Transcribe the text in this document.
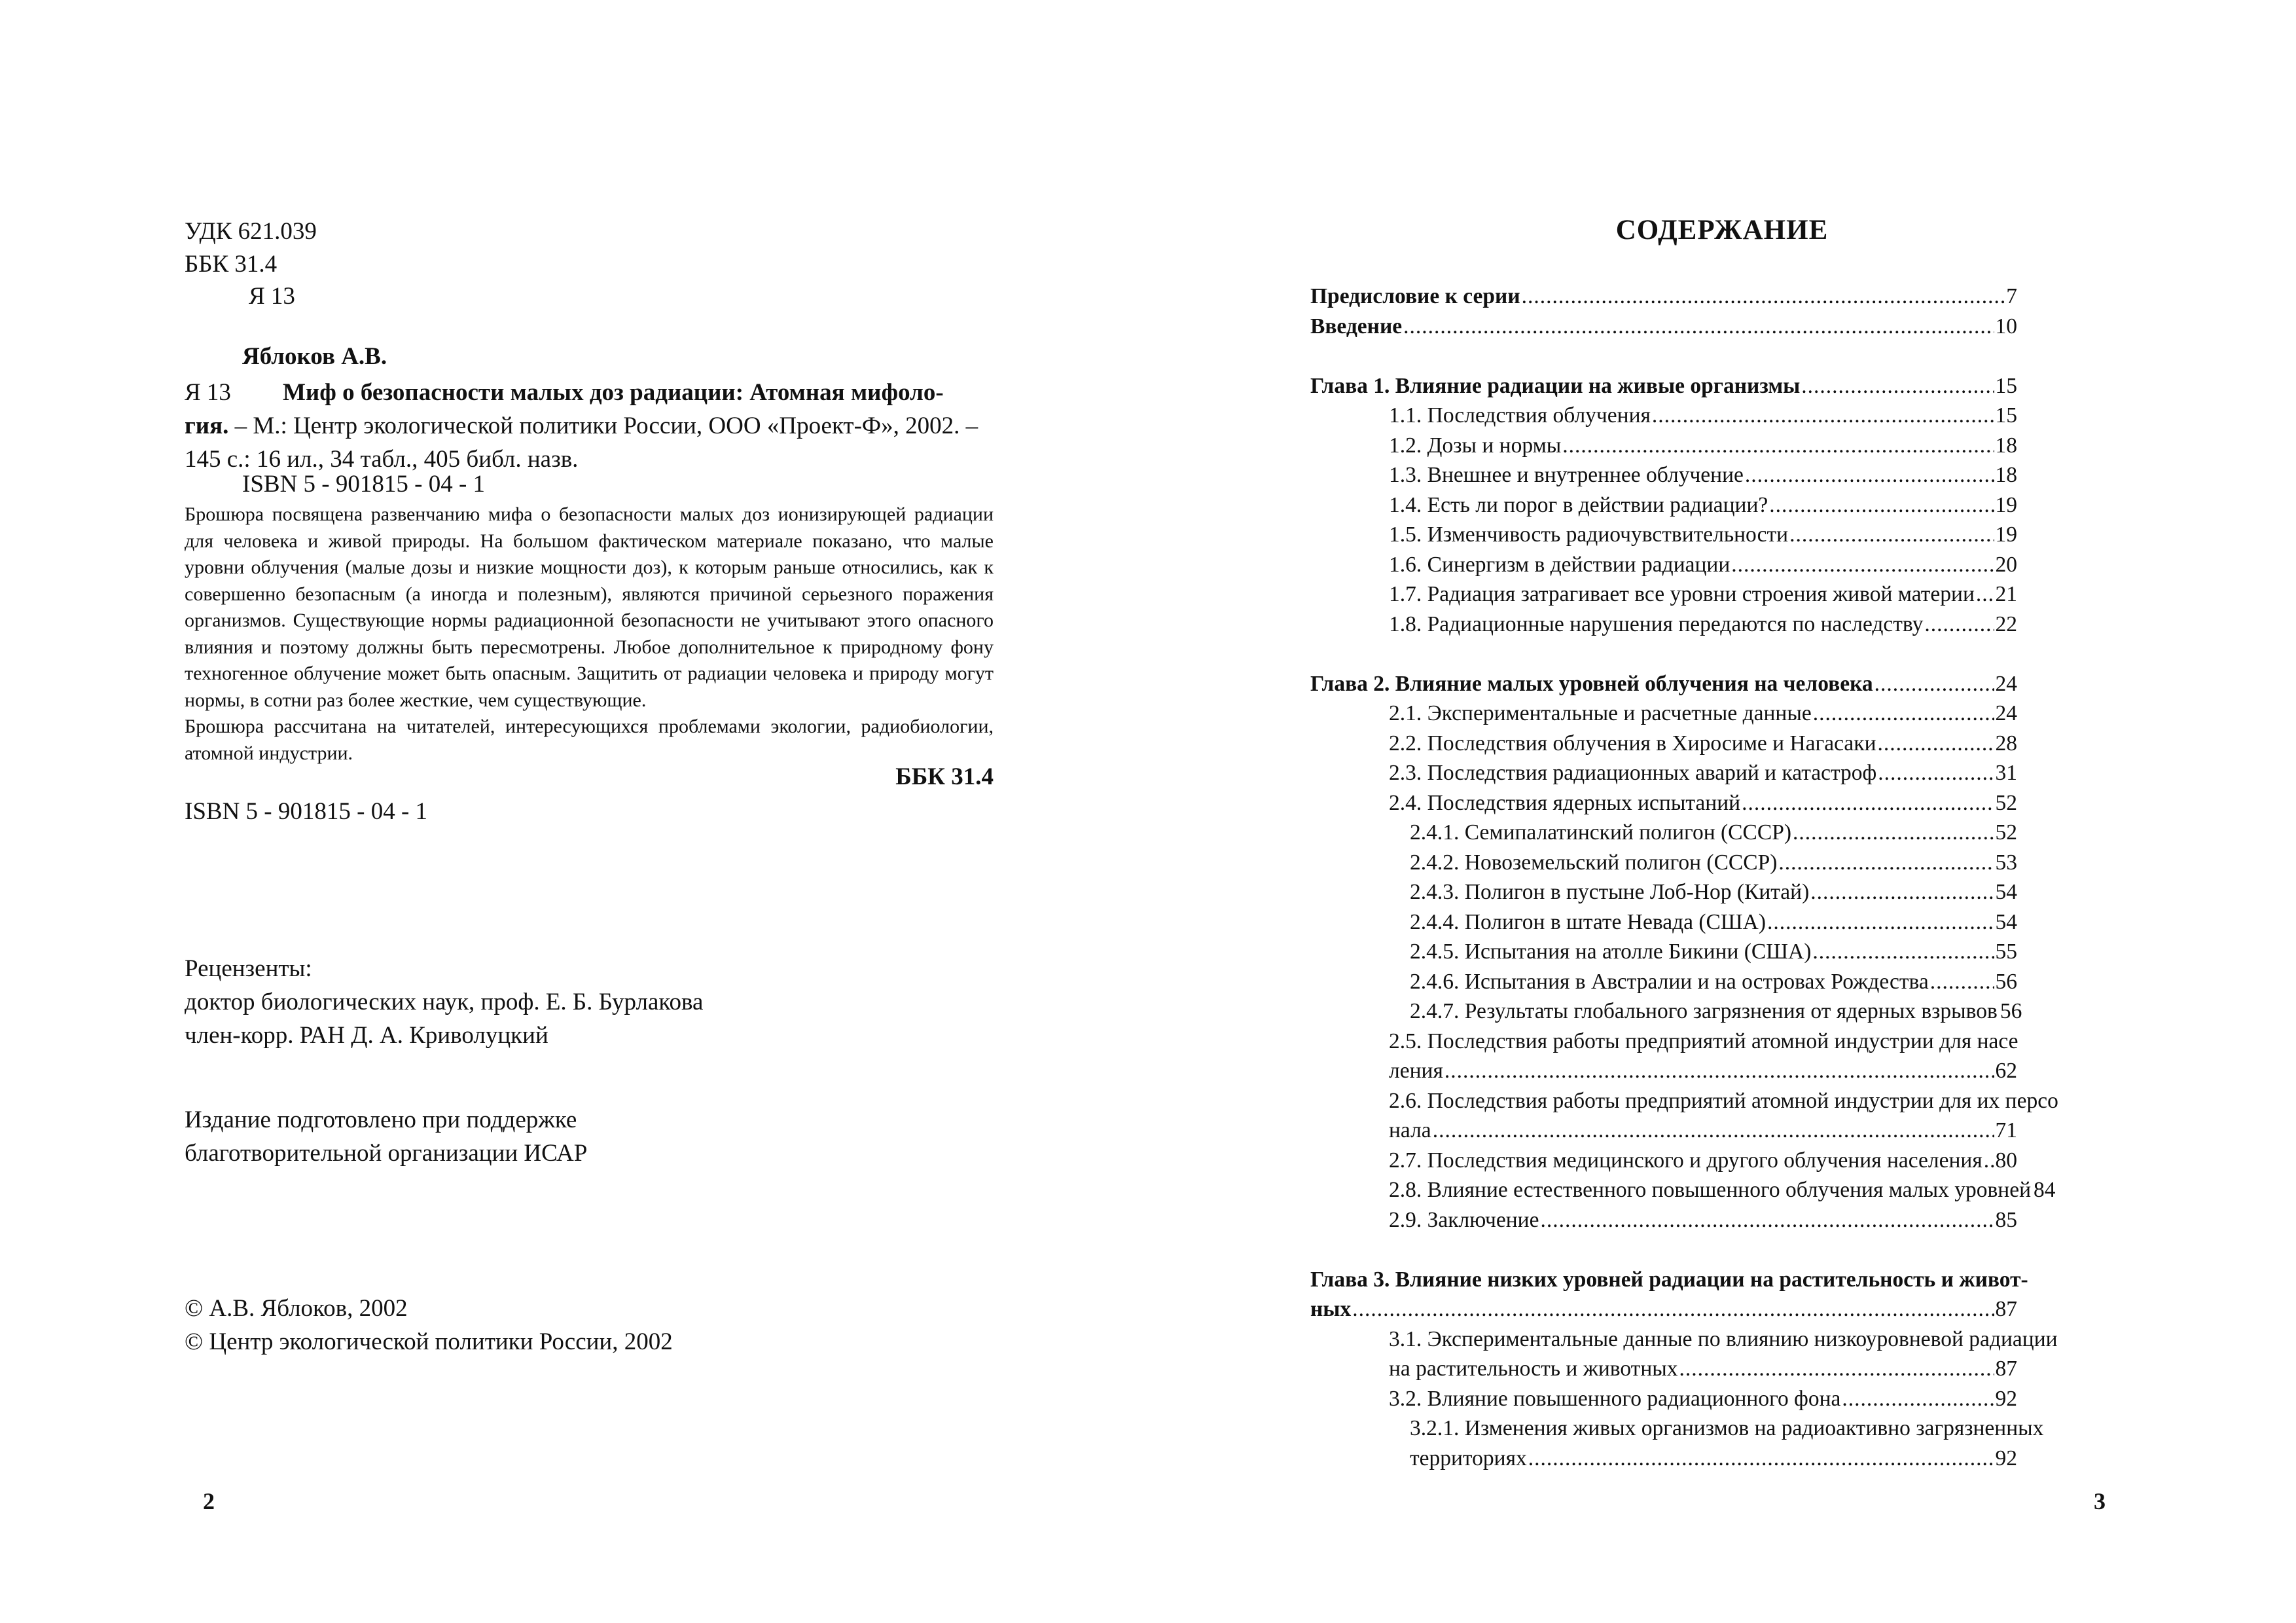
УДК 621.039
ББК 31.4
Я 13
Яблоков А.В.
Я 13 Миф о безопасности малых доз радиации: Атомная мифоло-
гия. – М.: Центр экологической политики России, ООО «Проект-Ф», 2002. –
145 с.: 16 ил., 34 табл., 405 библ. назв.
ISBN 5 - 901815 - 04 - 1

Брошюра посвящена развенчанию мифа о безопасности малых доз ионизирующей радиации для человека и живой природы. На большом фактическом материале показано, что малые уровни облучения (малые дозы и низкие мощности доз), к которым раньше относились, как к совершенно безопасным (а иногда и полезным), являются причиной серьезного поражения организмов. Существующие нормы радиационной безопасности не учитывают этого опасного влияния и поэтому должны быть пересмотрены. Любое дополнительное к природному фону техногенное облучение может быть опасным. Защитить от радиации человека и природу могут нормы, в сотни раз более жесткие, чем существующие.

Брошюра рассчитана на читателей, интересующихся проблемами экологии, радиобиологии, атомной индустрии.

ББК 31.4
ISBN 5 - 901815 - 04 - 1
Рецензенты:
доктор биологических наук, проф. Е. Б. Бурлакова
член-корр. РАН Д. А. Криволуцкий
Издание подготовлено при поддержке
благотворительной организации ИСАР
© А.В. Яблоков, 2002
© Центр экологической политики России, 2002
2
СОДЕРЖАНИЕ
Предисловие к серии .....	7
Введение .....	10
Глава 1. Влияние радиации на живые организмы .....	15
1.1. Последствия облучения .....	15
1.2. Дозы и нормы .....	18
1.3. Внешнее и внутреннее облучение .....	18
1.4. Есть ли порог в действии радиации? .....	19
1.5. Изменчивость радиочувствительности .....	19
1.6. Синергизм в действии радиации .....	20
1.7. Радиация затрагивает все уровни строения живой материи ..... 21
1.8. Радиационные нарушения передаются по наследству .....	22
Глава 2. Влияние малых уровней облучения на человека .....	24
2.1. Экспериментальные и расчетные данные .....	24
2.2. Последствия облучения в Хиросиме и Нагасаки .....	28
2.3. Последствия радиационных аварий и катастроф .....	31
2.4. Последствия ядерных испытаний .....	52
2.4.1. Семипалатинский полигон (СССР) .....	52
2.4.2. Новоземельский полигон (СССР) .....	53
2.4.3. Полигон в пустыне Лоб-Нор (Китай) .....	54
2.4.4. Полигон в штате Невада (США) .....	54
2.4.5. Испытания на атолле Бикини (США) .....	55
2.4.6. Испытания в Австралии и на островах Рождества .....	56
2.4.7. Результаты глобального загрязнения от ядерных взрывов 56
2.5. Последствия работы предприятий атомной индустрии для насе
ления .....	62
2.6. Последствия работы предприятий атомной индустрии для их персо
нала .....	71
2.7. Последствия медицинского и другого облучения населения ..... 80
2.8. Влияние естественного повышенного облучения малых уровней 84
2.9. Заключение .....	85
Глава 3. Влияние низких уровней радиации на растительность и живот-
ных .....	87
3.1. Экспериментальные данные по влиянию низкоуровневой радиации
на растительность и животных .....	87
3.2. Влияние повышенного радиационного фона .....	92
3.2.1. Изменения живых организмов на радиоактивно загрязненных
территориях .....	92
3
